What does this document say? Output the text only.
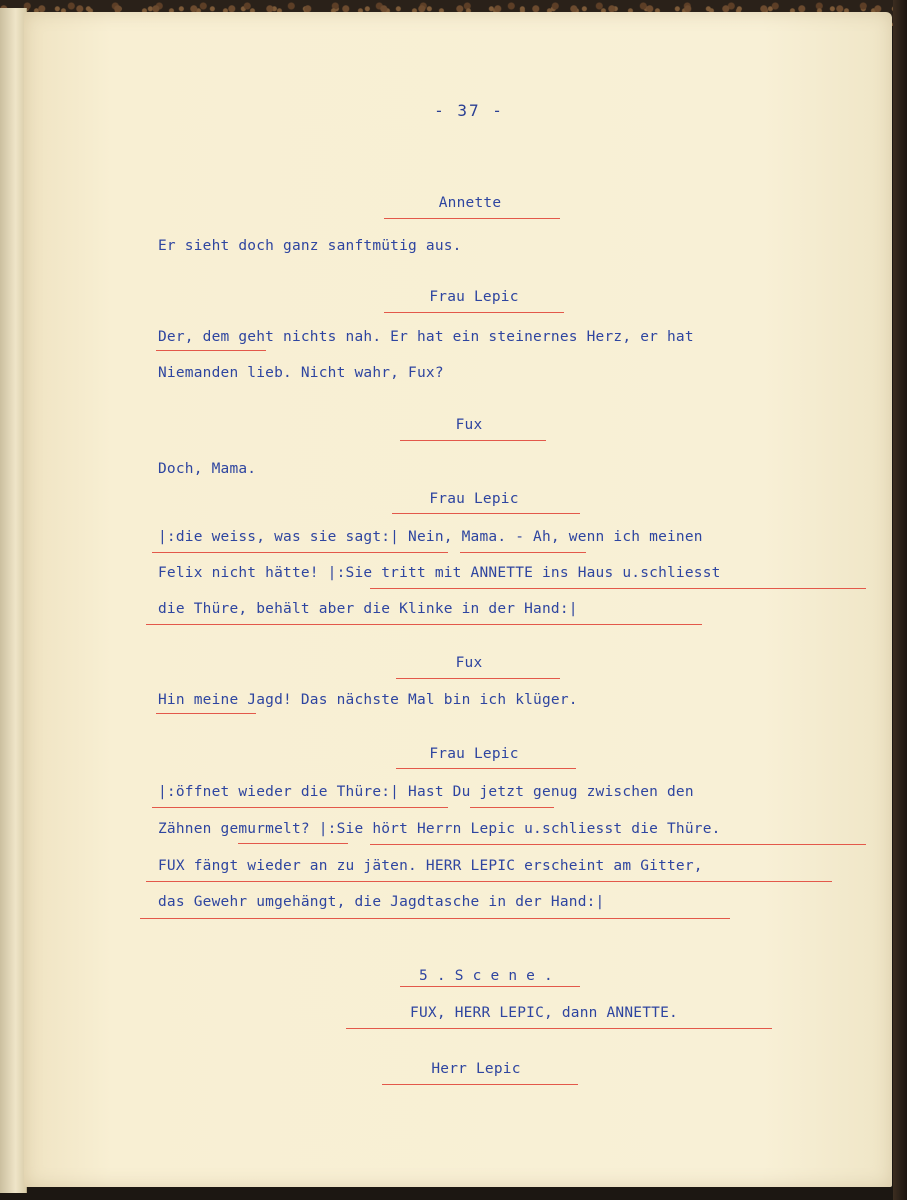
- 37 -
Annette
Er sieht doch ganz sanftmütig aus.
Frau Lepic
Der, dem geht nichts nah. Er hat ein steinernes Herz, er hat
Niemanden lieb. Nicht wahr, Fux?
Fux
Doch, Mama.
Frau Lepic
|:die weiss, was sie sagt:| Nein, Mama. - Ah, wenn ich meinen
Felix nicht hätte! |:Sie tritt mit ANNETTE ins Haus u.schliesst
die Thüre, behält aber die Klinke in der Hand:|
Fux
Hin meine Jagd! Das nächste Mal bin ich klüger.
Frau Lepic
|:öffnet wieder die Thüre:| Hast Du jetzt genug zwischen den
Zähnen gemurmelt? |:Sie hört Herrn Lepic u.schliesst die Thüre.
FUX fängt wieder an zu jäten. HERR LEPIC erscheint am Gitter,
das Gewehr umgehängt, die Jagdtasche in der Hand:|
5 . S c e n e .
FUX, HERR LEPIC, dann ANNETTE.
Herr Lepic
